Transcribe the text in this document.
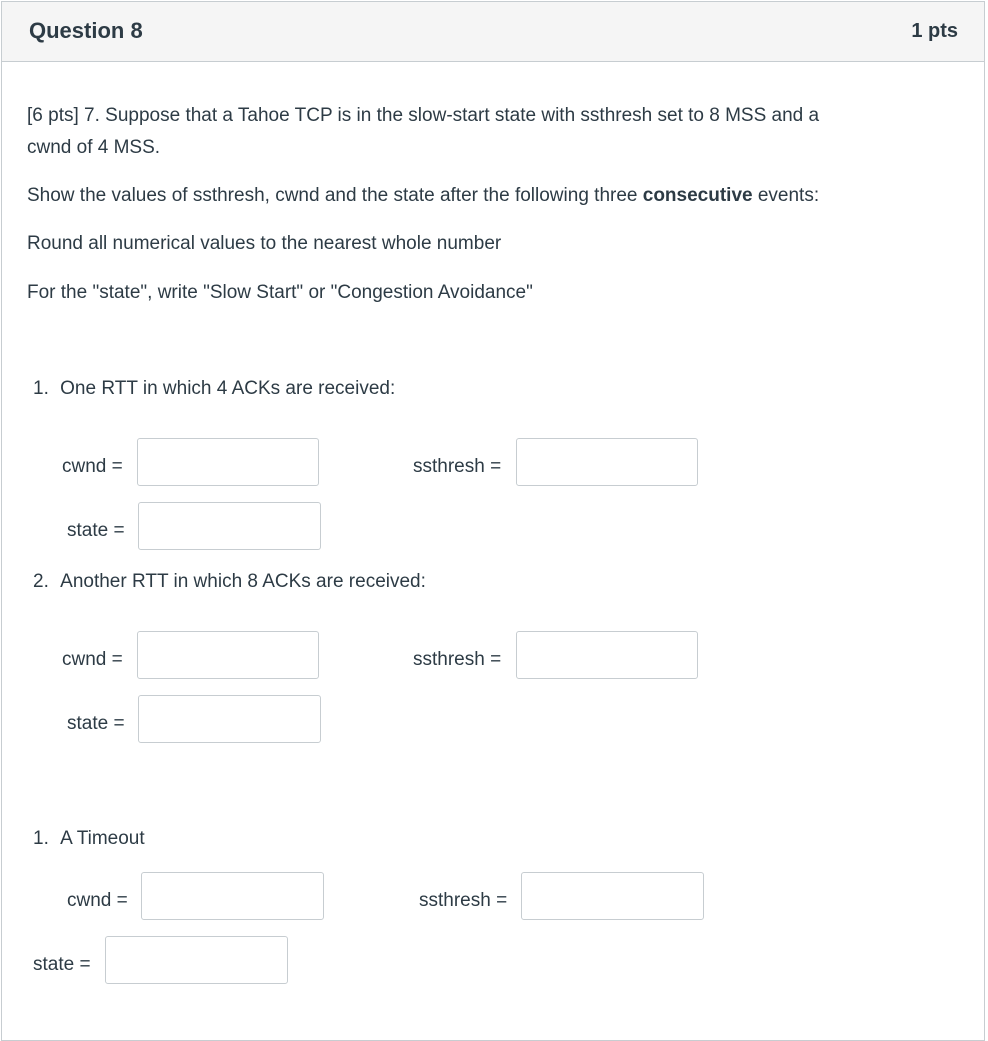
Question 8	1 pts

[6 pts] 7. Suppose that a Tahoe TCP is in the slow-start state with ssthresh set to 8 MSS and a

cwnd of 4 MSS.

Show the values of ssthresh, cwnd and the state after the following three consecutive events:

Round all numerical values to the nearest whole number

For the "state", write "Slow Start" or "Congestion Avoidance"

1. One RTT in which 4 ACKs are received:
cwnd =	ssthresh =
state =
2. Another RTT in which 8 ACKs are received:
cwnd =	ssthresh =
state =
1. A Timeout
cwnd =	ssthresh =
state =
